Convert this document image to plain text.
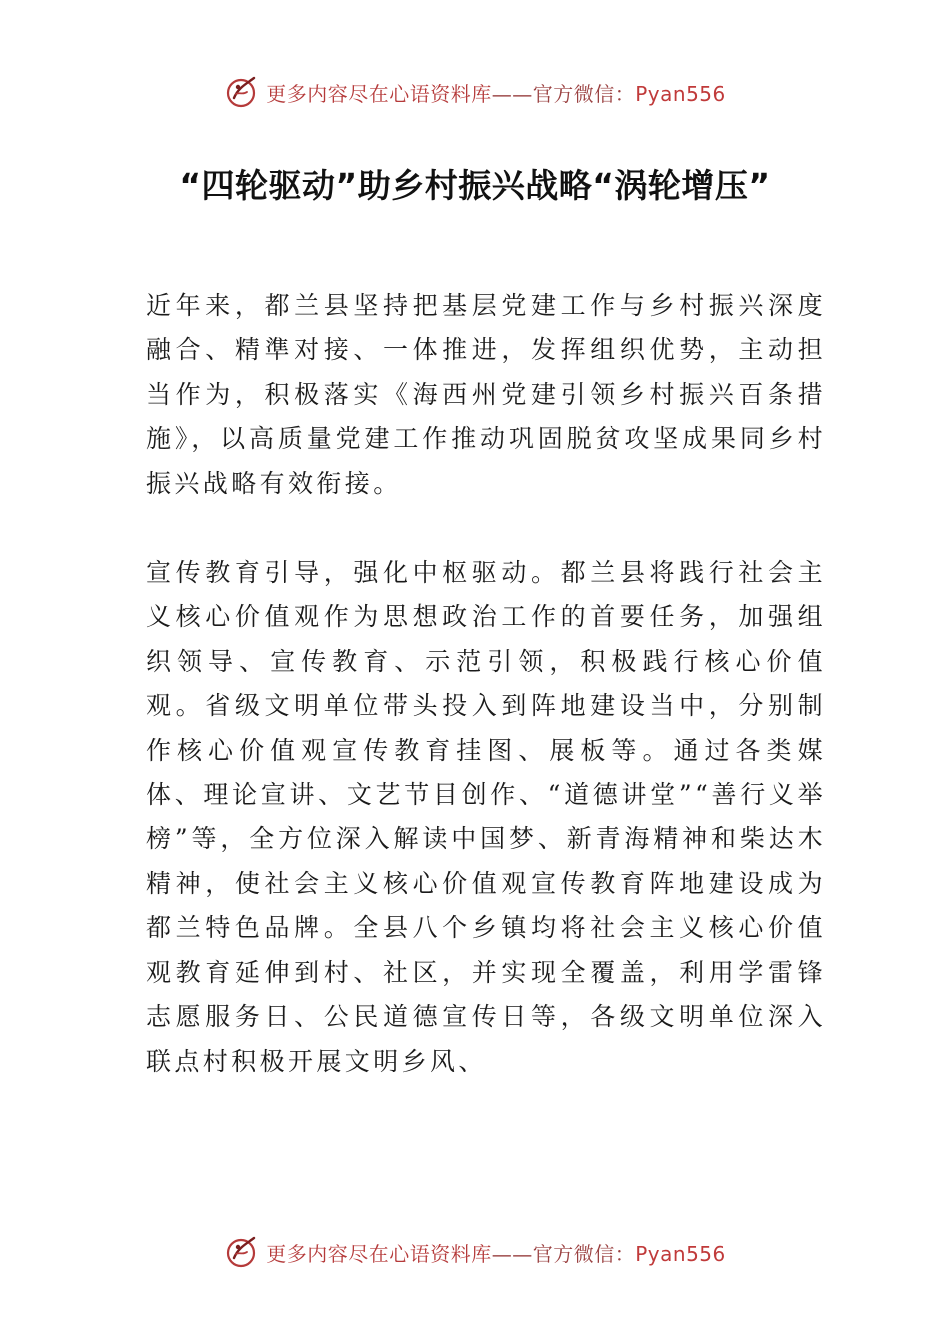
更多内容尽在心语资料库——官方微信：Pyan556
“四轮驱动”助乡村振兴战略“涡轮增压”

近年来，都兰县坚持把基层党建工作与乡村振兴深度融合、精準对接、一体推进，发挥组织优势，主动担当作为，积极落实《海西州党建引领乡村振兴百条措施》，以高质量党建工作推动巩固脱贫攻坚成果同乡村振兴战略有效衔接。

宣传教育引导，强化中枢驱动。都兰县将践行社会主义核心价值观作为思想政治工作的首要任务，加强组织领导、宣传教育、示范引领，积极践行核心价值观。省级文明单位带头投入到阵地建设当中，分别制作核心价值观宣传教育挂图、展板等。通过各类媒体、理论宣讲、文艺节目创作、“道德讲堂”“善行义举榜”等，全方位深入解读中国梦、新青海精神和柴达木精神，使社会主义核心价值观宣传教育阵地建设成为都兰特色品牌。全县八个乡镇均将社会主义核心价值观教育延伸到村、社区，并实现全覆盖，利用学雷锋志愿服务日、公民道德宣传日等，各级文明单位深入联点村积极开展文明乡风、

更多内容尽在心语资料库——官方微信：Pyan556
